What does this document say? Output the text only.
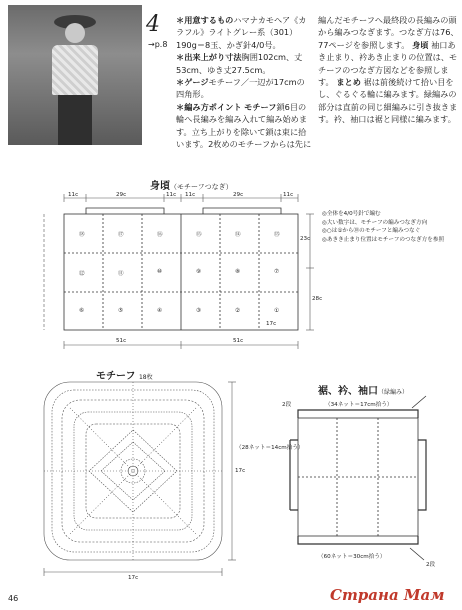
4
→p.8
＊用意するものハマナカモヘア《カラフル》ライトグレー系（301）190g＝8玉、かぎ針4/0号。
＊出来上がり寸法胸囲102cm、丈53cm、ゆき丈27.5cm。
＊ゲージモチーフ／一辺が17cmの四角形。
＊編み方ポイント モチーフ鎖6目の輪へ長編みを編み入れて編み始めます。立ち上がりを除いて鎖は束に拾います。2枚めのモチーフからは先に
編んだモチーフへ最終段の長編みの頭から編みつなぎます。つなぎ方は76、77ページを参照します。 身頃 袖口あき止まり、衿あき止まりの位置は、モチーフのつなぎ方図などを参照します。 まとめ 裾は前後続けて拾い目をし、ぐるぐる輪に編みます。緑編みの部分は直前の同じ細編みに引き抜きます。衿、袖口は裾と同様に編みます。
身頃（モチーフつなぎ）
11c	29c	11c 11c	29c	11c
51c	51c
23c
28c
17c
⑱	⑰	⑯	⑮	⑭	⑬
⑫	⑪	⑩	⑨	⑧	⑦
⑥	⑤	④	③	②	①
◎全体を4/0号針で編む
◎大い数字は、モチーフの編みつなぎ方向
◎○は①から⑱のモチーフと編みつなぐ
◎あきき止まり位置はモチーフのつなぎ方を参照
モチーフ 18枚
17c
17c
裾、衿、袖口（緑編み）
（34ネット＝17cm拾う）
（28ネット＝14cm拾う）
（60ネット＝30cm拾う）
2段
2段
46	Страна Мам
